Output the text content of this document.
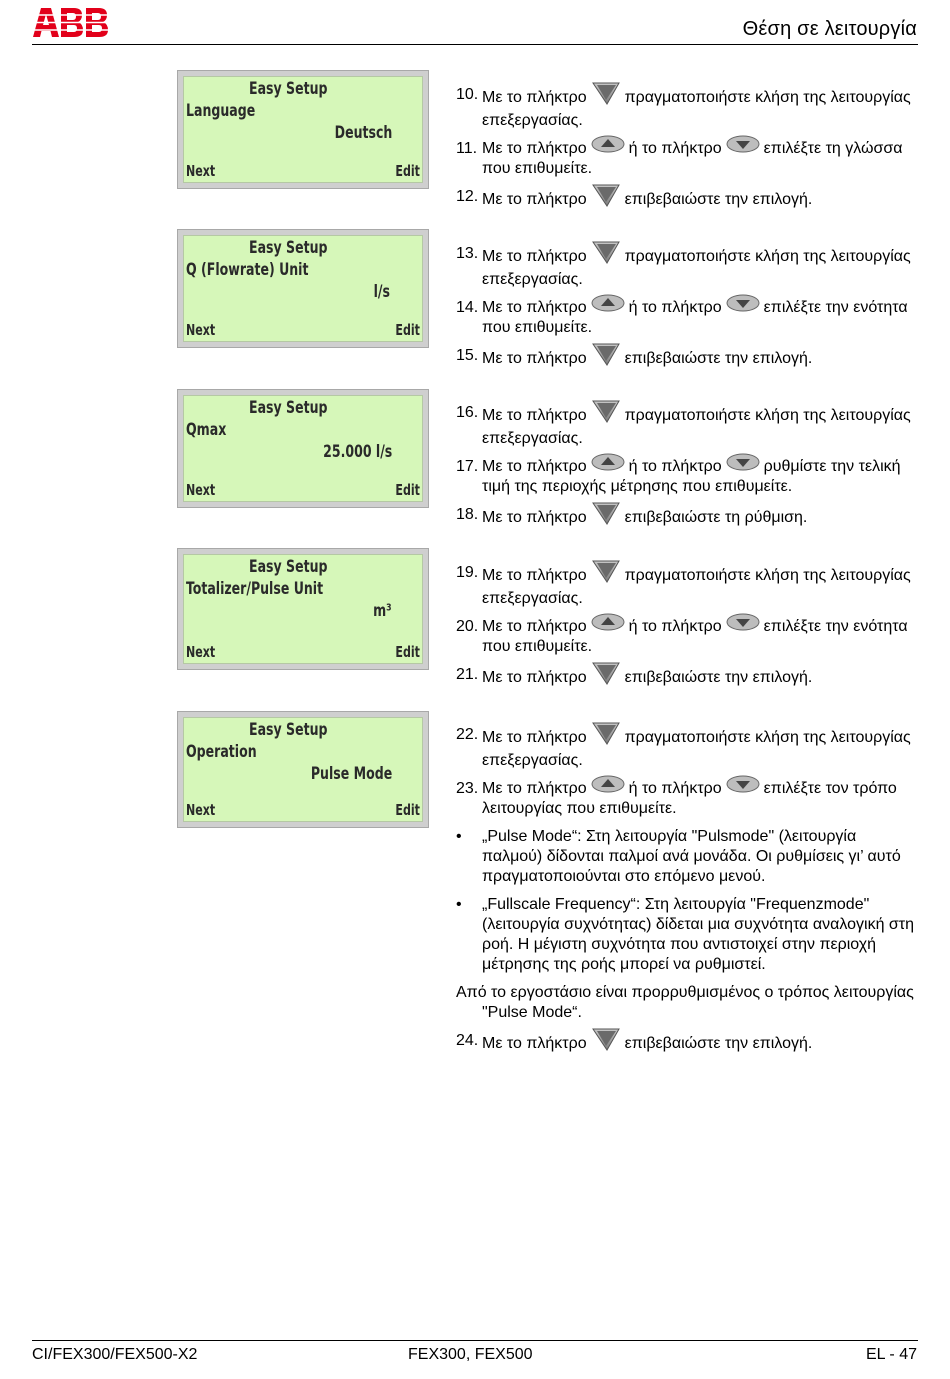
Θέση σε λειτουργία
Easy Setup
Language
Deutsch
Next	Edit
Easy Setup
Q (Flowrate) Unit
l/s
Next	Edit
Easy Setup
Qmax
25.000 l/s
Next	Edit
Easy Setup
Totalizer/Pulse Unit
m³
Next	Edit
Easy Setup
Operation
Pulse Mode
Next	Edit
10. Με το πλήκτρο πραγματοποιήστε κλήση της λειτουργίας επεξεργασίας.
11. Με το πλήκτρο	ή το πλήκτρο	επιλέξτε τη γλώσσα που επιθυμείτε.
12. Με το πλήκτρο επιβεβαιώστε την επιλογή.
13. Με το πλήκτρο πραγματοποιήστε κλήση της λειτουργίας επεξεργασίας.
14. Με το πλήκτρο	ή το πλήκτρο	επιλέξτε την ενότητα που επιθυμείτε.
15. Με το πλήκτρο επιβεβαιώστε την επιλογή.
16. Με το πλήκτρο πραγματοποιήστε κλήση της λειτουργίας επεξεργασίας.
17. Με το πλήκτρο	ή το πλήκτρο	ρυθμίστε την τελική τιμή της περιοχής μέτρησης που επιθυμείτε.
18. Με το πλήκτρο επιβεβαιώστε τη ρύθμιση.
19. Με το πλήκτρο πραγματοποιήστε κλήση της λειτουργίας επεξεργασίας.
20. Με το πλήκτρο	ή το πλήκτρο	επιλέξτε την ενότητα που επιθυμείτε.
21. Με το πλήκτρο επιβεβαιώστε την επιλογή.
22. Με το πλήκτρο πραγματοποιήστε κλήση της λειτουργίας επεξεργασίας.
23. Με το πλήκτρο	ή το πλήκτρο	επιλέξτε τον τρόπο λειτουργίας που επιθυμείτε.
• „Pulse Mode“: Στη λειτουργία "Pulsmode" (λειτουργία παλμού) δίδονται παλμοί ανά μονάδα. Οι ρυθμίσεις γι’ αυτό πραγματοποιούνται στο επόμενο μενού.
• „Fullscale Frequency“: Στη λειτουργία "Frequenzmode" (λειτουργία συχνότητας) δίδεται μια συχνότητα αναλογική στη ροή. Η μέγιστη συχνότητα που αντιστοιχεί στην περιοχή μέτρησης της ροής μπορεί να ρυθμιστεί.
Από το εργοστάσιο είναι προρρυθμισμένος ο τρόπος λειτουργίας "Pulse Mode“.
24. Με το πλήκτρο επιβεβαιώστε την επιλογή.
CI/FEX300/FEX500-X2	FEX300, FEX500	EL - 47
